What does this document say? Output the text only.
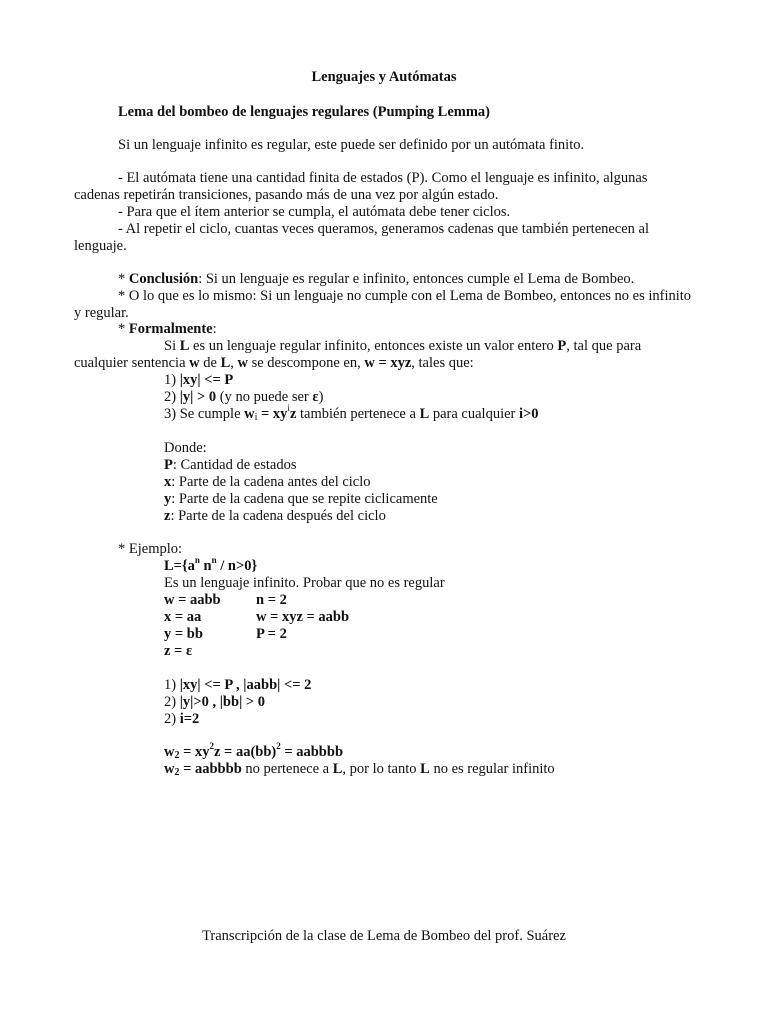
Lenguajes y Autómatas
Lema del bombeo de lenguajes regulares (Pumping Lemma)
Si un lenguaje infinito es regular, este puede ser definido por un autómata finito.
- El autómata tiene una cantidad finita de estados (P). Como el lenguaje es infinito, algunas cadenas repetirán transiciones, pasando más de una vez por algún estado.
- Para que el ítem anterior se cumpla, el autómata debe tener ciclos.
- Al repetir el ciclo, cuantas veces queramos, generamos cadenas que también pertenecen al lenguaje.
* Conclusión: Si un lenguaje es regular e infinito, entonces cumple el Lema de Bombeo.
* O lo que es lo mismo: Si un lenguaje no cumple con el Lema de Bombeo, entonces no es infinito y regular.
* Formalmente:
Si L es un lenguaje regular infinito, entonces existe un valor entero P, tal que para cualquier sentencia w de L, w se descompone en, w = xyz, tales que:
1) |xy| <= P
2) |y| > 0 (y no puede ser ε)
3) Se cumple $w_i = xy^iz$ también pertenece a L para cualquier i>0
Donde:
P: Cantidad de estados
x: Parte de la cadena antes del ciclo
y: Parte de la cadena que se repite ciclicamente
z: Parte de la cadena después del ciclo
* Ejemplo:
$L=\{a^n$ $n^n / n>0$}
Es un lenguaje infinito. Probar que no es regular
w = aabb n = 2
x = aa	w = xyz = aabb
y = bb	P = 2
z = ε
1) |xy| <= P , |aabb| <= 2
2) |y|>0 , |bb| > 0
2) i=2
$w_2 = xy^2z = aa(bb)^2$ = aabbbb
$w_2$ = aabbbb no pertenece a L, por lo tanto L no es regular infinito
Transcripción de la clase de Lema de Bombeo del prof. Suárez
